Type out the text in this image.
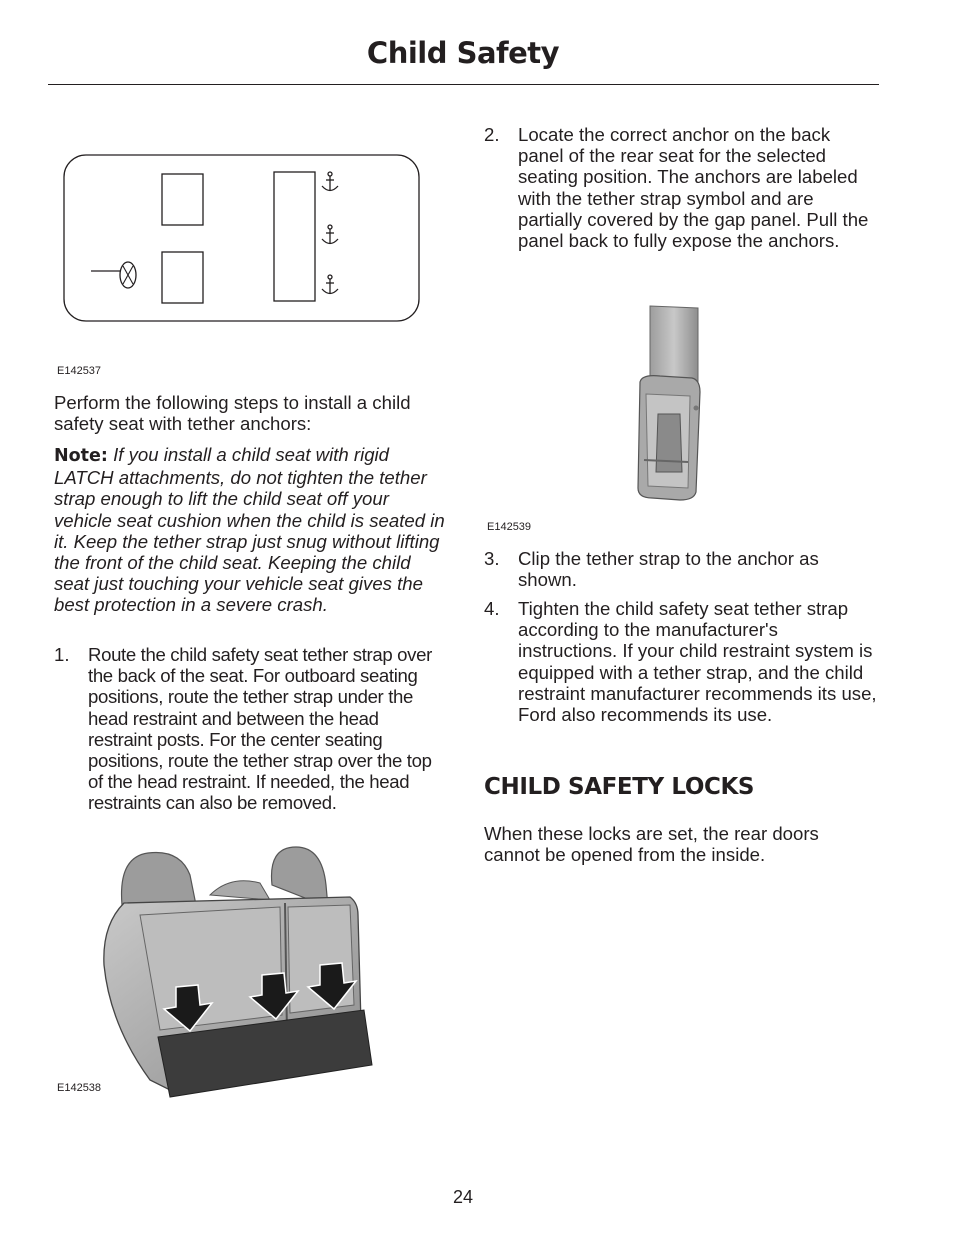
Child Safety
E142537

Perform the following steps to install a child safety seat with tether anchors:

Note: If you install a child seat with rigid LATCH attachments, do not tighten the tether strap enough to lift the child seat off your vehicle seat cushion when the child is seated in it. Keep the tether strap just snug without lifting the front of the child seat. Keeping the child seat just touching your vehicle seat gives the best protection in a severe crash.

1. Route the child safety seat tether strap over the back of the seat. For outboard seating positions, route the tether strap under the head restraint and between the head restraint posts. For the center seating positions, route the tether strap over the top of the head restraint. If needed, the head restraints can also be removed.
E142538
2. Locate the correct anchor on the back panel of the rear seat for the selected seating position. The anchors are labeled with the tether strap symbol and are partially covered by the gap panel. Pull the panel back to fully expose the anchors.
E142539
3. Clip the tether strap to the anchor as shown.
4. Tighten the child safety seat tether strap according to the manufacturer's instructions. If your child restraint system is equipped with a tether strap, and the child restraint manufacturer recommends its use, Ford also recommends its use.
CHILD SAFETY LOCKS

When these locks are set, the rear doors cannot be opened from the inside.

24
